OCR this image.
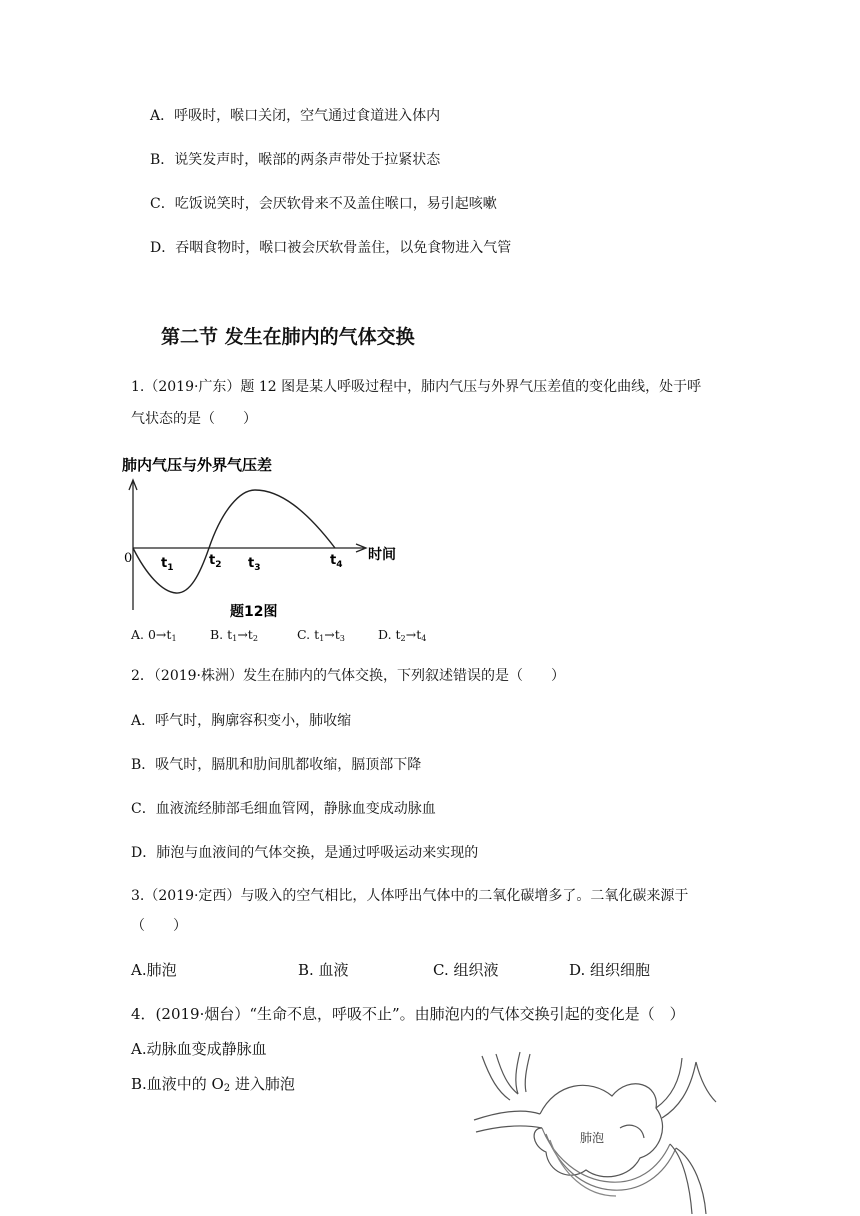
A．呼吸时，喉口关闭，空气通过食道进入体内
B．说笑发声时，喉部的两条声带处于拉紧状态
C．吃饭说笑时，会厌软骨来不及盖住喉口，易引起咳嗽
D．吞咽食物时，喉口被会厌软骨盖住，以免食物进入气管
第二节 发生在肺内的气体交换
1.（2019·广东）题 12 图是某人呼吸过程中，肺内气压与外界气压差值的变化曲线，处于呼
气状态的是（　　）
肺内气压与外界气压差
0 $t_1$	$t_2$ $t_3$	$t_4$
时间
题12图
A. $0\to t_1$	B. $t_1\to t_2$	C. $t_1\to t_3$	D. $t_2\to t_4$
2．（2019·株洲）发生在肺内的气体交换，下列叙述错误的是（　　）
A．呼气时，胸廓容积变小，肺收缩
B．吸气时，膈肌和肋间肌都收缩，膈顶部下降
C．血液流经肺部毛细血管网，静脉血变成动脉血
D．肺泡与血液间的气体交换，是通过呼吸运动来实现的
3.（2019·定西）与吸入的空气相比，人体呼出气体中的二氧化碳增多了。二氧化碳来源于
（　　）
A.肺泡	B. 血液	C. 组织液	D. 组织细胞
4．(2019·烟台）“生命不息，呼吸不止”。由肺泡内的气体交换引起的变化是（　）
A.动脉血变成静脉血
B.血液中的 $O_2$ 进入肺泡
肺泡
